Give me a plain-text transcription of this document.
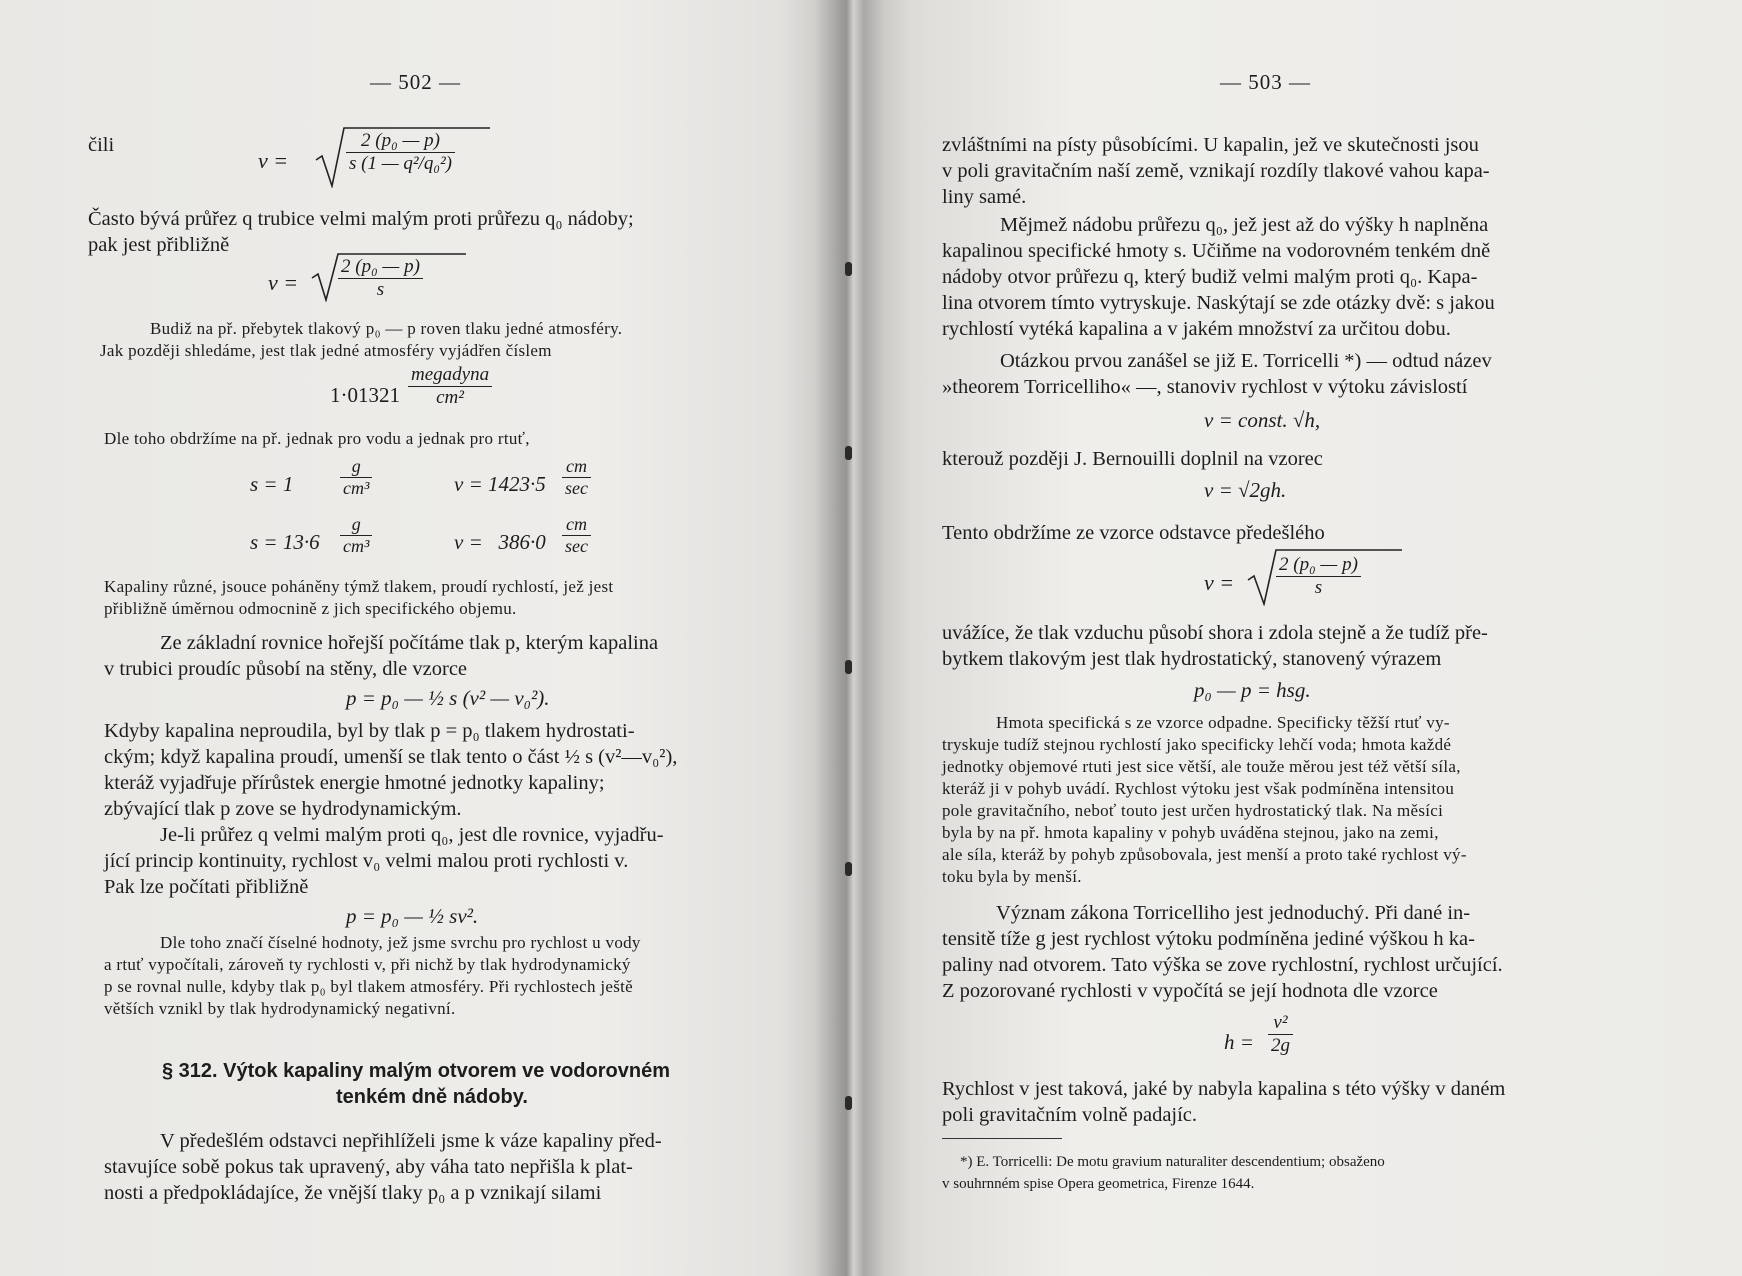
— 502 —
čili
v =	$\frac{\text{2 (p₀ — p)}}{\text{s (1 — q²/q₀²)}}$
Často bývá průřez q trubice velmi malým proti průřezu q₀ nádoby;
pak jest přibližně
$v = \frac{\text{2 (p₀ — p)}}{s}$
Budiž na př. přebytek tlakový p₀ — p roven tlaku jedné atmosféry.
Jak později shledáme, jest tlak jedné atmosféry vyjádřen číslem
$1\cdot 01321 \frac{\text{megadyna}}{\text{cm²}}$
Dle toho obdržíme na př. jednak pro vodu a jednak pro rtuť,
s = 1	$\frac{g}{\text{cm³}}$	$v = 1423\cdot 5 \frac{cm}{\sec}$
$s = 13\cdot 6 \frac{g}{\text{cm³}}$	$v = 386\cdot 0 \frac{cm}{\sec}$
Kapaliny různé, jsouce poháněny týmž tlakem, proudí rychlostí, jež jest
přibližně úměrnou odmocnině z jich specifického objemu.
Ze základní rovnice hořejší počítáme tlak p, kterým kapalina
v trubici proudíc působí na stěny, dle vzorce
p = p₀ — ½ s (v² — v₀²).
Kdyby kapalina neproudila, byl by tlak p = p₀ tlakem hydrostati-
ckým; když kapalina proudí, umenší se tlak tento o část ½ s (v²—v₀²),
kteráž vyjadřuje přírůstek energie hmotné jednotky kapaliny;
zbývající tlak p zove se hydrodynamickým.
Je-li průřez q velmi malým proti q₀, jest dle rovnice, vyjadřu-
jící princip kontinuity, rychlost v₀ velmi malou proti rychlosti v.
Pak lze počítati přibližně
p = p₀ — ½ sv².
Dle toho značí číselné hodnoty, jež jsme svrchu pro rychlost u vody
a rtuť vypočítali, zároveň ty rychlosti v, při nichž by tlak hydrodynamický
p se rovnal nulle, kdyby tlak p₀ byl tlakem atmosféry. Při rychlostech ještě
větších vznikl by tlak hydrodynamický negativní.
§ 312. Výtok kapaliny malým otvorem ve vodorovném
tenkém dně nádoby.
V předešlém odstavci nepřihlíželi jsme k váze kapaliny před-
stavujíce sobě pokus tak upravený, aby váha tato nepřišla k plat-
nosti a předpokládajíce, že vnější tlaky p₀ a p vznikají silami
— 503 —
zvláštními na písty působícími. U kapalin, jež ve skutečnosti jsou
v poli gravitačním naší země, vznikají rozdíly tlakové vahou kapa-
liny samé.
Mějmež nádobu průřezu q₀, jež jest až do výšky h naplněna
kapalinou specifické hmoty s. Učiňme na vodorovném tenkém dně
nádoby otvor průřezu q, který budiž velmi malým proti q₀. Kapa-
lina otvorem tímto vytryskuje. Naskýtají se zde otázky dvě: s jakou
rychlostí vytéká kapalina a v jakém množství za určitou dobu.
Otázkou prvou zanášel se již E. Torricelli *) — odtud název
»theorem Torricelliho« —, stanoviv rychlost v výtoku závislostí
v = const. √h,
kterouž později J. Bernouilli doplnil na vzorec
v = √2gh.
Tento obdržíme ze vzorce odstavce předešlého
$v = \frac{\text{2 (p₀ — p)}}{s}$
uvážíce, že tlak vzduchu působí shora i zdola stejně a že tudíž pře-
bytkem tlakovým jest tlak hydrostatický, stanovený výrazem
p₀ — p = hsg.
Hmota specifická s ze vzorce odpadne. Specificky těžší rtuť vy-
tryskuje tudíž stejnou rychlostí jako specificky lehčí voda; hmota každé
jednotky objemové rtuti jest sice větší, ale touže měrou jest též větší síla,
kteráž ji v pohyb uvádí. Rychlost výtoku jest však podmíněna intensitou
pole gravitačního, neboť touto jest určen hydrostatický tlak. Na měsíci
byla by na př. hmota kapaliny v pohyb uváděna stejnou, jako na zemi,
ale síla, kteráž by pohyb způsobovala, jest menší a proto také rychlost vý-
toku byla by menší.
Význam zákona Torricelliho jest jednoduchý. Při dané in-
tensitě tíže g jest rychlost výtoku podmíněna jediné výškou h ka-
paliny nad otvorem. Tato výška se zove rychlostní, rychlost určující.
Z pozorované rychlosti v vypočítá se její hodnota dle vzorce
$h = \frac{\text{v²}}{2g}$
Rychlost v jest taková, jaké by nabyla kapalina s této výšky v daném
poli gravitačním volně padajíc.
*) E. Torricelli: De motu gravium naturaliter descendentium; obsaženo
v souhrnném spise Opera geometrica, Firenze 1644.
